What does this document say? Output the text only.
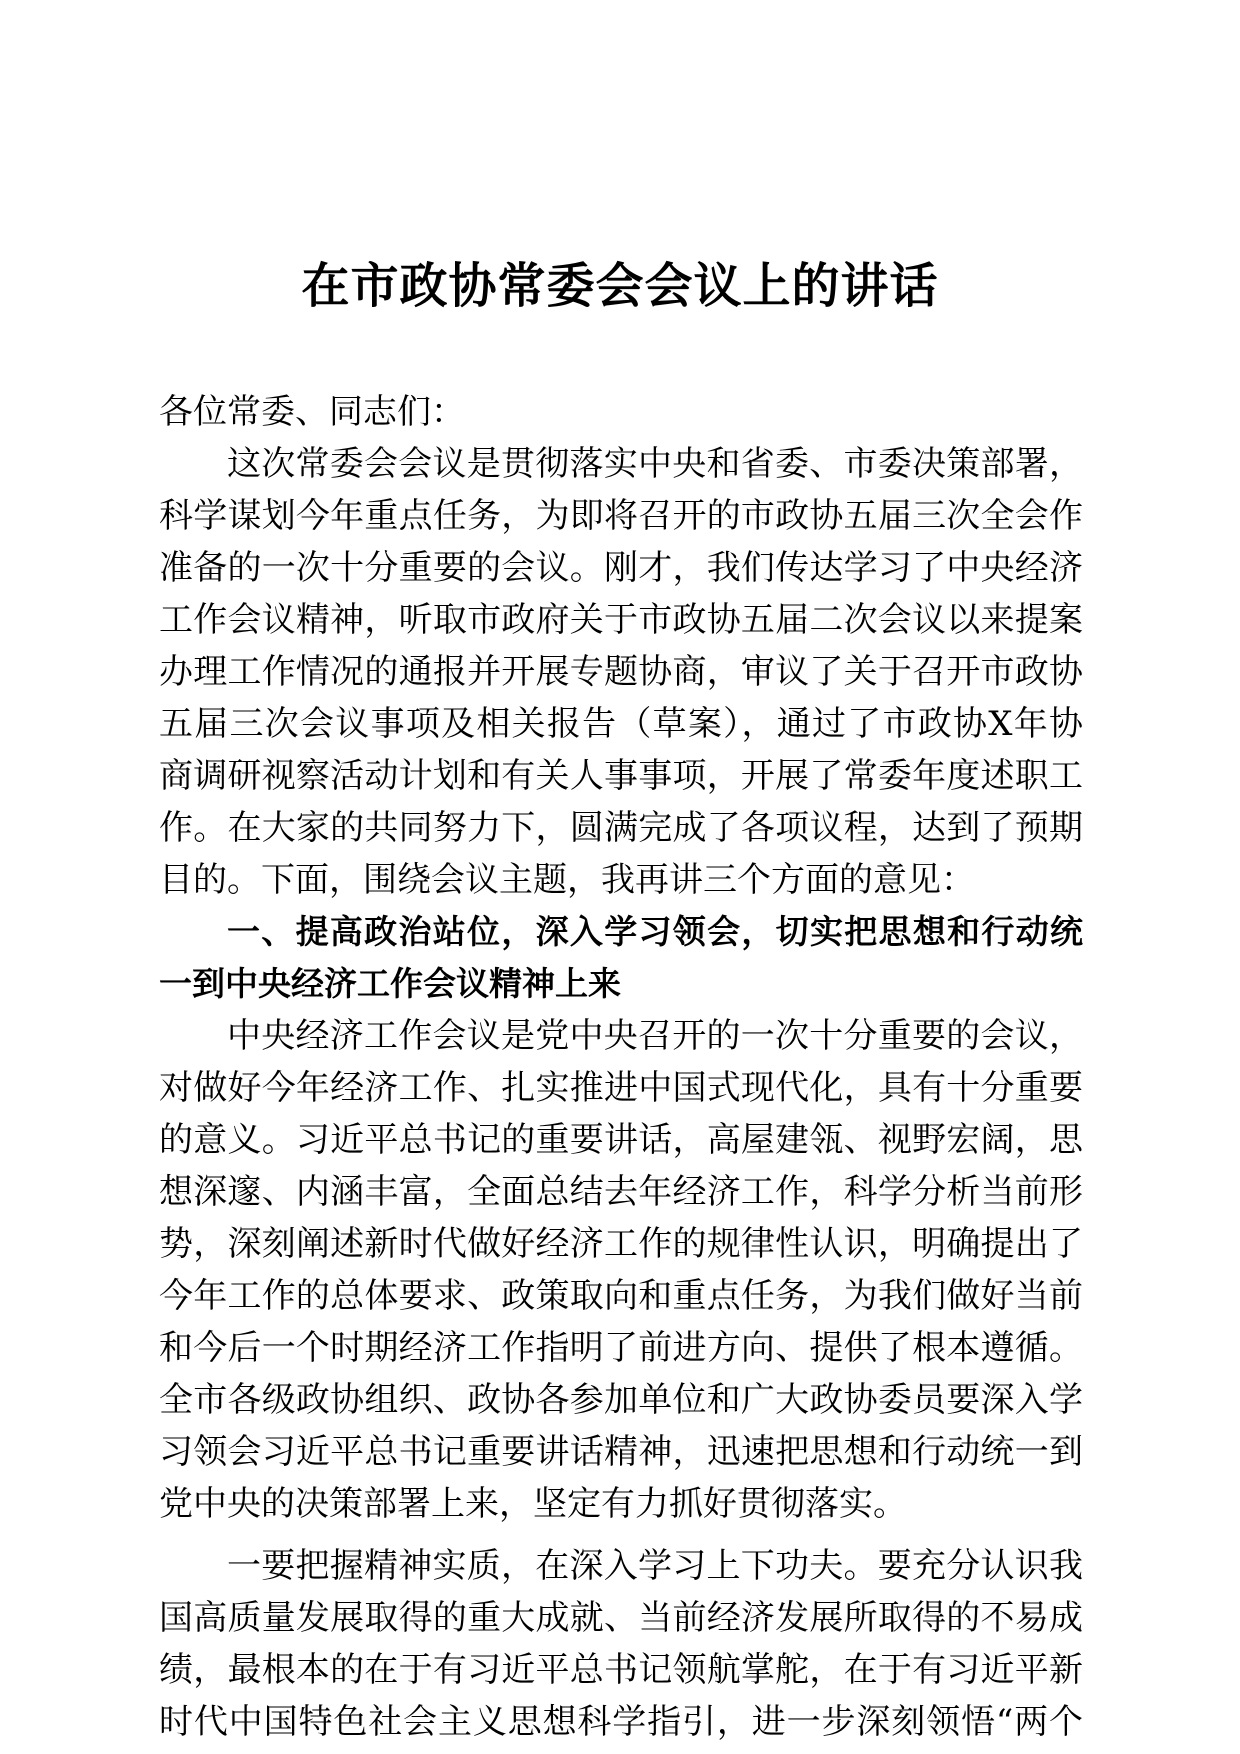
在市政协常委会会议上的讲话
各位常委、同志们：
这次常委会会议是贯彻落实中央和省委、市委决策部署，
科学谋划今年重点任务，为即将召开的市政协五届三次全会作
准备的一次十分重要的会议。刚才，我们传达学习了中央经济
工作会议精神，听取市政府关于市政协五届二次会议以来提案
办理工作情况的通报并开展专题协商，审议了关于召开市政协
五届三次会议事项及相关报告（草案），通过了市政协X年协
商调研视察活动计划和有关人事事项，开展了常委年度述职工
作。在大家的共同努力下，圆满完成了各项议程，达到了预期
目的。下面，围绕会议主题，我再讲三个方面的意见：
一、提高政治站位，深入学习领会，切实把思想和行动统
一到中央经济工作会议精神上来
中央经济工作会议是党中央召开的一次十分重要的会议，
对做好今年经济工作、扎实推进中国式现代化，具有十分重要
的意义。习近平总书记的重要讲话，高屋建瓴、视野宏阔，思
想深邃、内涵丰富，全面总结去年经济工作，科学分析当前形
势，深刻阐述新时代做好经济工作的规律性认识，明确提出了
今年工作的总体要求、政策取向和重点任务，为我们做好当前
和今后一个时期经济工作指明了前进方向、提供了根本遵循。
全市各级政协组织、政协各参加单位和广大政协委员要深入学
习领会习近平总书记重要讲话精神，迅速把思想和行动统一到
党中央的决策部署上来，坚定有力抓好贯彻落实。
一要把握精神实质，在深入学习上下功夫。要充分认识我
国高质量发展取得的重大成就、当前经济发展所取得的不易成
绩，最根本的在于有习近平总书记领航掌舵，在于有习近平新
时代中国特色社会主义思想科学指引，进一步深刻领悟“两个
